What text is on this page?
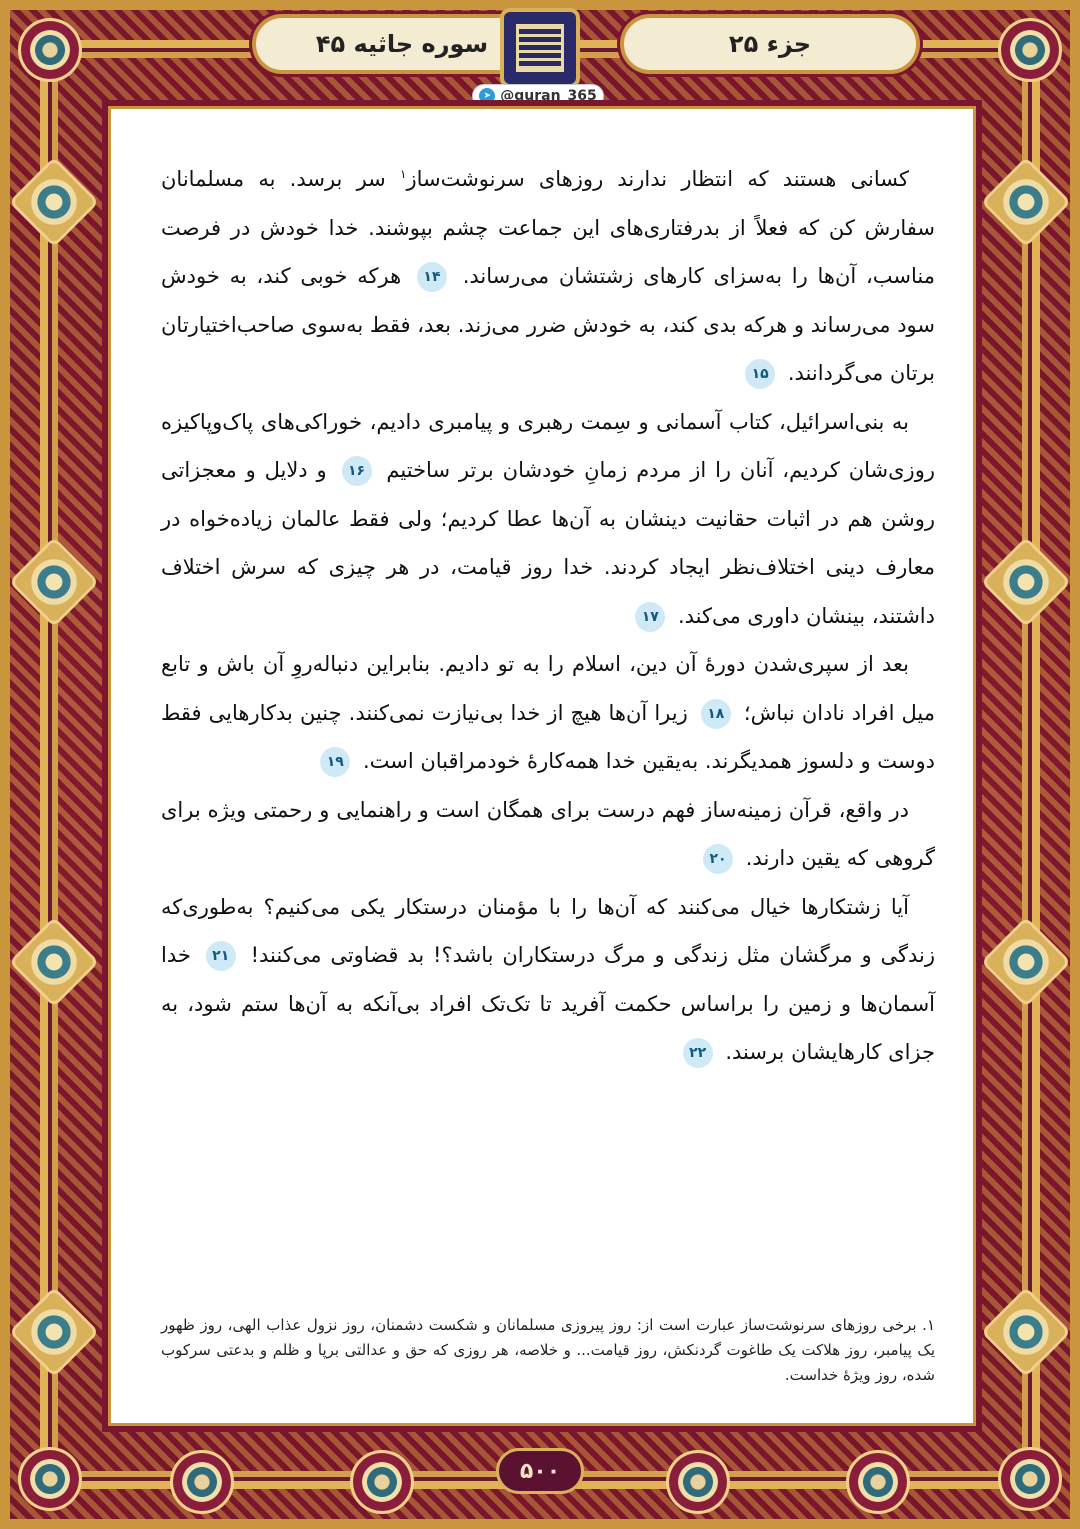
سوره جاثیه ۴۵	جزء ۲۵
➤ @quran_365

کسانی هستند که انتظار ندارند روزهای سرنوشت‌ساز$^۱$ سر برسد. به مسلمانان سفارش کن که فعلاً از بدرفتاری‌های این جماعت چشم بپوشند. خدا خودش در فرصت مناسب، آن‌ها را به‌سزای کارهای زشتشان می‌رساند. ۱۴ هرکه خوبی کند، به خودش سود می‌رساند و هرکه بدی کند، به خودش ضرر می‌زند. بعد، فقط به‌سوی صاحب‌اختیارتان برتان می‌گردانند. ۱۵

به بنی‌اسرائیل، کتاب آسمانی و سِمت رهبری و پیامبری دادیم، خوراکی‌های پاک‌وپاکیزه روزی‌شان کردیم، آنان را از مردم زمانِ خودشان برتر ساختیم ۱۶ و دلایل و معجزاتی روشن هم در اثبات حقانیت دینشان به آن‌ها عطا کردیم؛ ولی فقط عالمان زیاده‌خواه در معارف دینی اختلاف‌نظر ایجاد کردند. خدا روز قیامت، در هر چیزی که سرش اختلاف داشتند، بینشان داوری می‌کند. ۱۷

بعد از سپری‌شدن دورهٔ آن دین، اسلام را به تو دادیم. بنابراین دنباله‌روِ آن باش و تابع میل افراد نادان نباش؛ ۱۸ زیرا آن‌ها هیچ از خدا بی‌نیازت نمی‌کنند. چنین بدکارهایی فقط دوست و دلسوز همدیگرند. به‌یقین خدا همه‌کارهٔ خودمراقبان است. ۱۹

در واقع، قرآن زمینه‌ساز فهم درست برای همگان است و راهنمایی و رحمتی ویژه برای گروهی که یقین دارند. ۲۰

آیا زشتکارها خیال می‌کنند که آن‌ها را با مؤمنان درستکار یکی می‌کنیم؟ به‌طوری‌که زندگی و مرگشان مثل زندگی و مرگ درستکاران باشد؟! بد قضاوتی می‌کنند! ۲۱ خدا آسمان‌ها و زمین را براساس حکمت آفرید تا تک‌تک افراد بی‌آنکه به آن‌ها ستم شود، به جزای کارهایشان برسند. ۲۲

۱. برخی روزهای سرنوشت‌ساز عبارت است از: روز پیروزی مسلمانان و شکست دشمنان، روز نزول عذاب الهی، روز ظهور یک پیامبر، روز هلاکت یک طاغوت گردنکش، روز قیامت... و خلاصه، هر روزی که حق و عدالتی برپا و ظلم و بدعتی سرکوب شده، روز ویژهٔ خداست.
۵۰۰
